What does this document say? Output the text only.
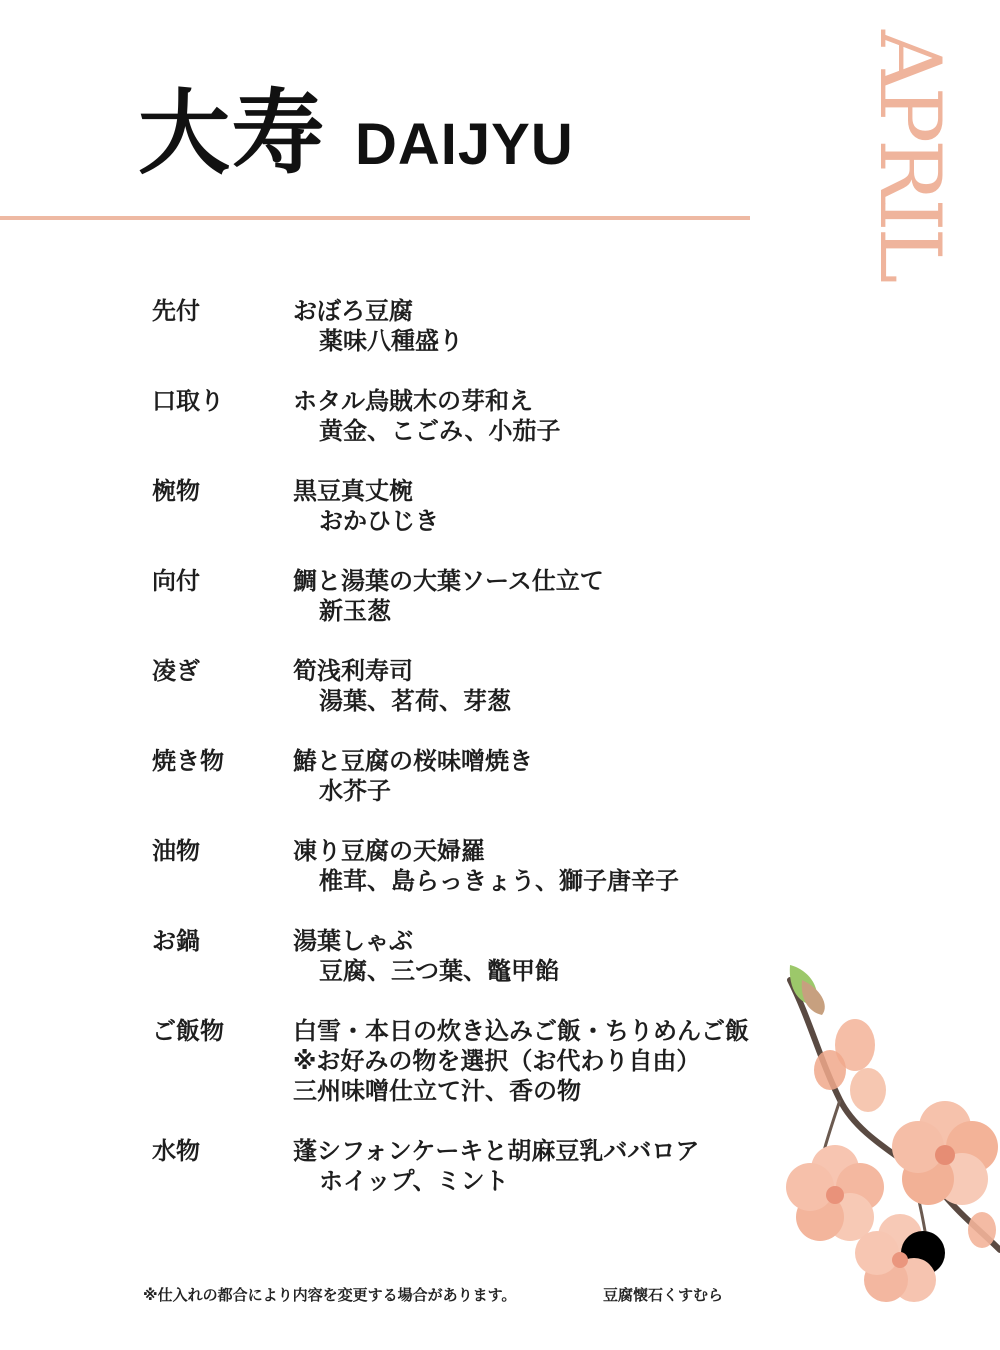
大寿 DAIJYU	APRIL
先付	おぼろ豆腐
薬味八種盛り
口取り	ホタル烏賊木の芽和え
黄金、こごみ、小茄子
椀物	黒豆真丈椀
おかひじき
向付	鯛と湯葉の大葉ソース仕立て
新玉葱
凌ぎ	筍浅利寿司
湯葉、茗荷、芽葱
焼き物	鰆と豆腐の桜味噌焼き
水芥子
油物	凍り豆腐の天婦羅
椎茸、島らっきょう、獅子唐辛子
お鍋	湯葉しゃぶ
豆腐、三つ葉、鼈甲餡
ご飯物	白雪・本日の炊き込みご飯・ちりめんご飯
※お好みの物を選択（お代わり自由）
三州味噌仕立て汁、香の物
水物	蓬シフォンケーキと胡麻豆乳ババロア
ホイップ、ミント
※仕入れの都合により内容を変更する場合があります。	豆腐懐石くすむら
